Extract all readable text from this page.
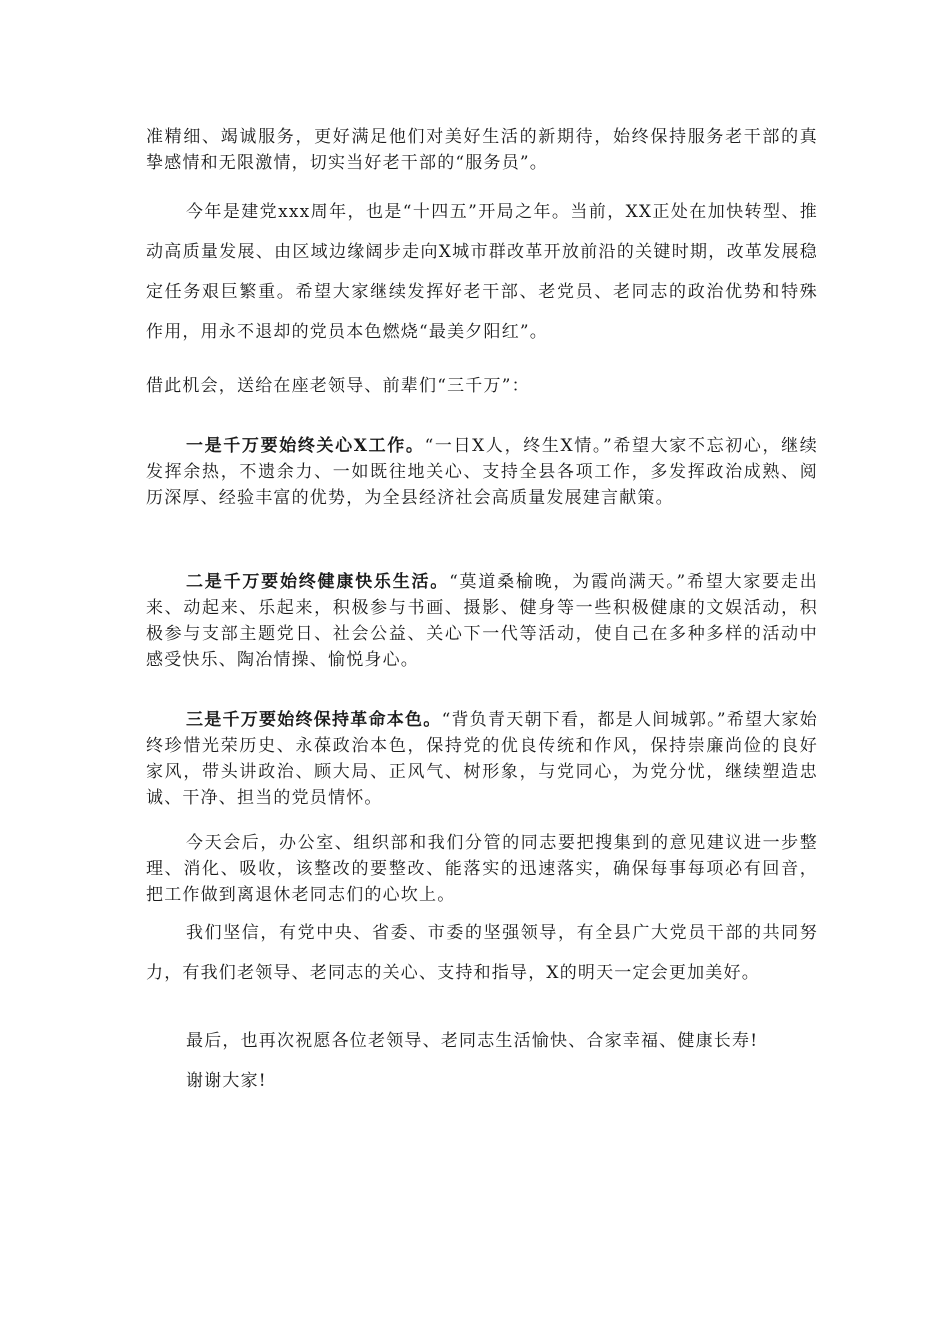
准精细、竭诚服务，更好满足他们对美好生活的新期待，始终保持服务老干部的真挚感情和无限激情，切实当好老干部的“服务员”。

今年是建党xxx周年，也是“十四五”开局之年。当前，XX正处在加快转型、推动高质量发展、由区域边缘阔步走向X城市群改革开放前沿的关键时期，改革发展稳定任务艰巨繁重。希望大家继续发挥好老干部、老党员、老同志的政治优势和特殊作用，用永不退却的党员本色燃烧“最美夕阳红”。

借此机会，送给在座老领导、前辈们“三千万”：

一是千万要始终关心X工作。“一日X人，终生X情。”希望大家不忘初心，继续发挥余热，不遗余力、一如既往地关心、支持全县各项工作，多发挥政治成熟、阅历深厚、经验丰富的优势，为全县经济社会高质量发展建言献策。

二是千万要始终健康快乐生活。“莫道桑榆晚，为霞尚满天。”希望大家要走出来、动起来、乐起来，积极参与书画、摄影、健身等一些积极健康的文娱活动，积极参与支部主题党日、社会公益、关心下一代等活动，使自己在多种多样的活动中感受快乐、陶冶情操、愉悦身心。

三是千万要始终保持革命本色。“背负青天朝下看，都是人间城郭。”希望大家始终珍惜光荣历史、永葆政治本色，保持党的优良传统和作风，保持崇廉尚俭的良好家风，带头讲政治、顾大局、正风气、树形象，与党同心，为党分忧，继续塑造忠诚、干净、担当的党员情怀。

今天会后，办公室、组织部和我们分管的同志要把搜集到的意见建议进一步整理、消化、吸收，该整改的要整改、能落实的迅速落实，确保每事每项必有回音，把工作做到离退休老同志们的心坎上。

我们坚信，有党中央、省委、市委的坚强领导，有全县广大党员干部的共同努力，有我们老领导、老同志的关心、支持和指导，X的明天一定会更加美好。

最后，也再次祝愿各位老领导、老同志生活愉快、合家幸福、健康长寿!

谢谢大家!
